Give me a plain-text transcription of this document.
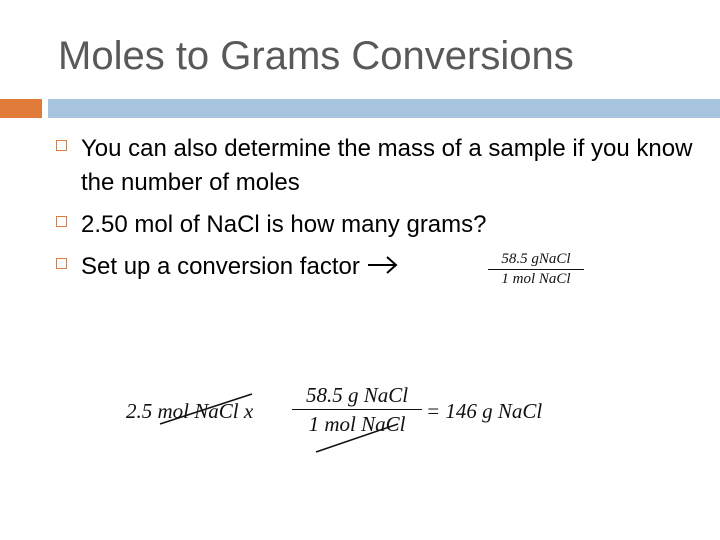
Moles to Grams Conversions
You can also determine the mass of a sample if you know the number of moles
2.50 mol of NaCl is how many grams?
Set up a conversion factor	58.5 gNaCl
1 mol NaCl
2.5 mol NaCl x
58.5 g NaCl
1 mol NaCl
= 146 g NaCl
